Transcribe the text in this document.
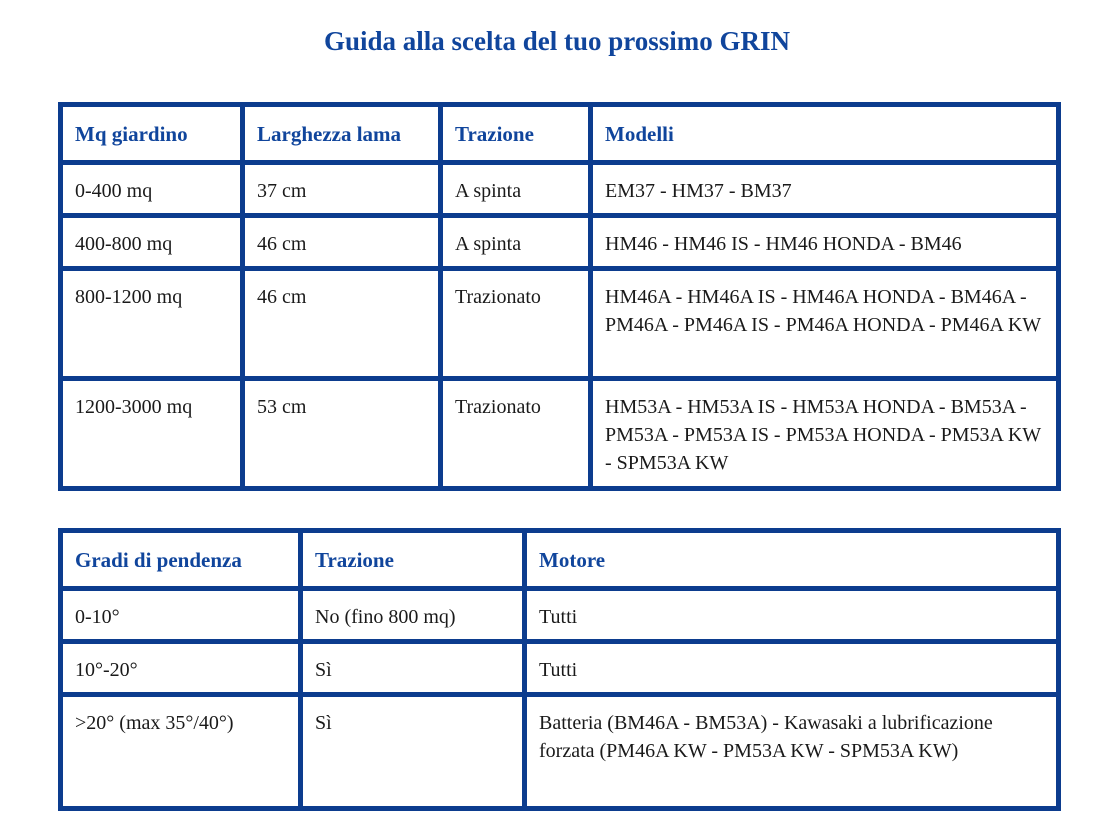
Guida alla scelta del tuo prossimo GRIN
Mq giardino	Larghezza lama	Trazione	Modelli
0-400 mq	37 cm	A spinta	EM37 - HM37 - BM37
400-800 mq	46 cm	A spinta	HM46 - HM46 IS - HM46 HONDA - BM46
800-1200 mq	46 cm	Trazionato	HM46A - HM46A IS - HM46A HONDA - BM46A - PM46A - PM46A IS - PM46A HONDA - PM46A KW
1200-3000 mq	53 cm	Trazionato	HM53A - HM53A IS - HM53A HONDA - BM53A - PM53A - PM53A IS - PM53A HONDA - PM53A KW - SPM53A KW
Gradi di pendenza	Trazione	Motore
0-10°	No (fino 800 mq)	Tutti
10°-20°	Sì	Tutti
>20° (max 35°/40°)	Sì	Batteria (BM46A - BM53A) - Kawasaki a lubrificazione forzata (PM46A KW - PM53A KW - SPM53A KW)
